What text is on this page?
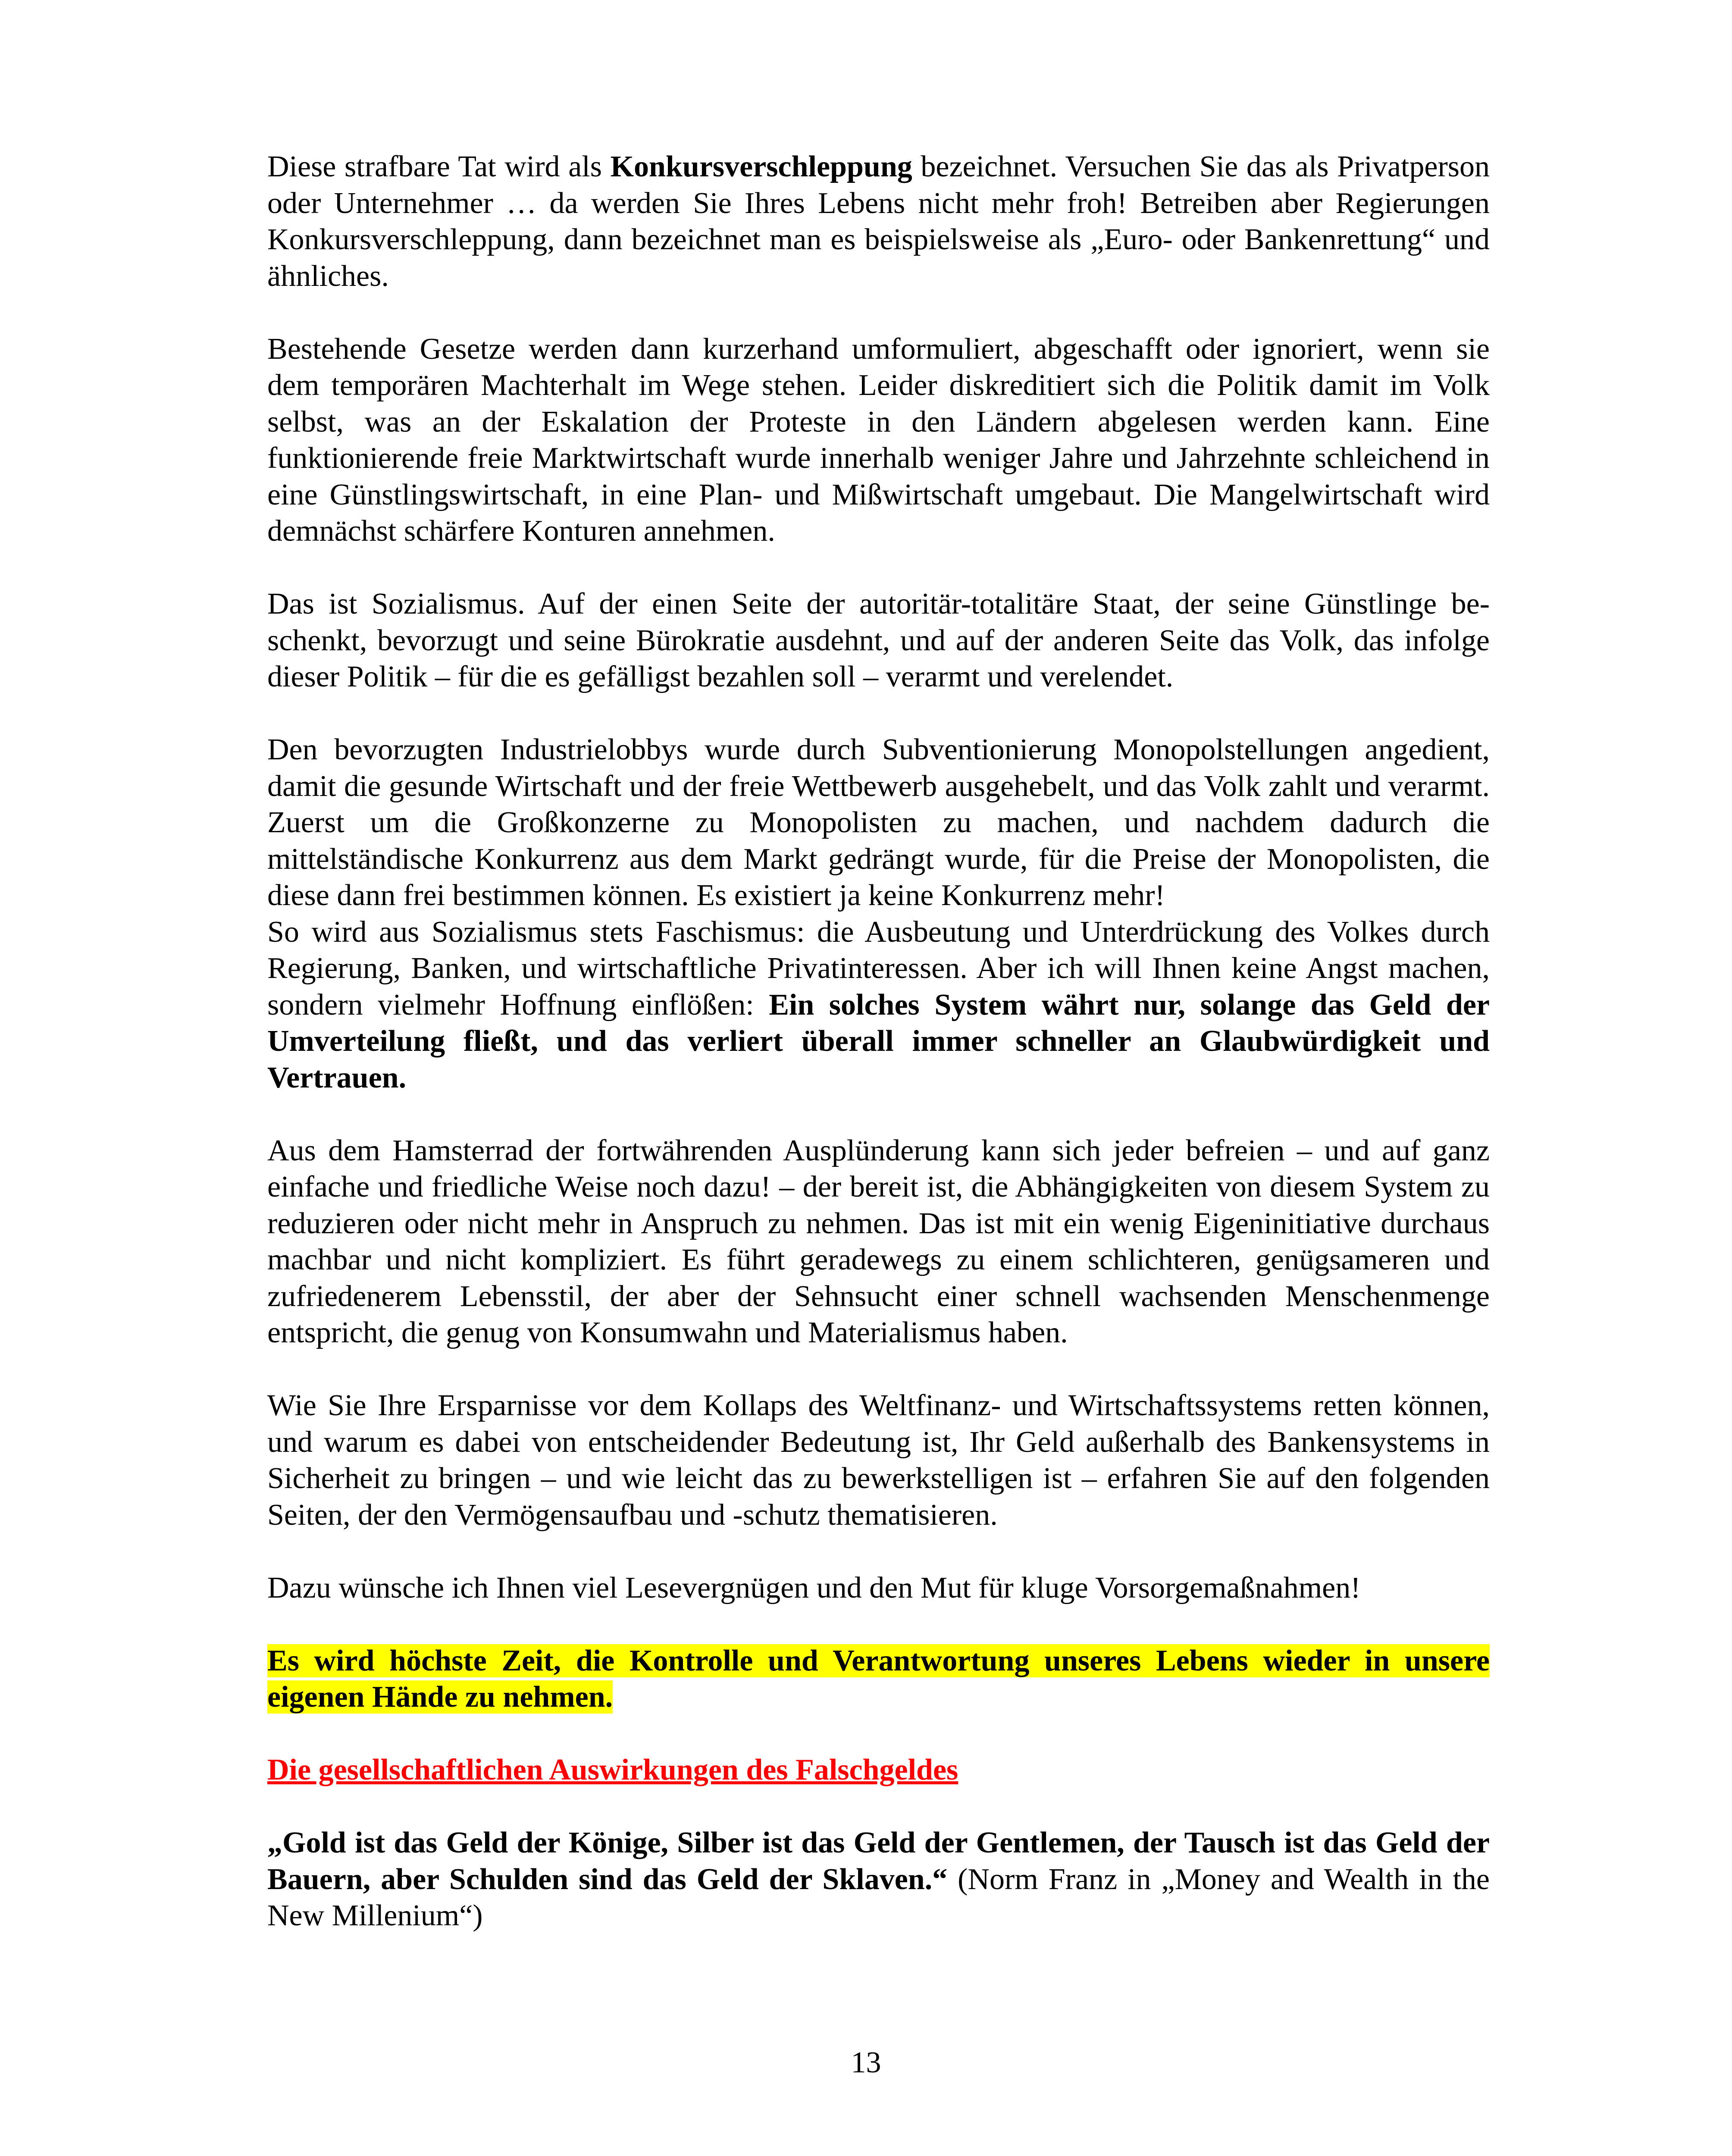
Diese strafbare Tat wird als Konkursverschleppung bezeichnet. Versuchen Sie das als Privatperson oder Unternehmer … da werden Sie Ihres Lebens nicht mehr froh! Betreiben aber Regierungen Konkursverschleppung, dann bezeichnet man es beispielsweise als „Euro- oder Bankenrettung“ und ähnliches.

Bestehende Gesetze werden dann kurzerhand umformuliert, abgeschafft oder ignoriert, wenn sie dem temporären Machterhalt im Wege stehen. Leider diskreditiert sich die Politik damit im Volk selbst, was an der Eskalation der Proteste in den Ländern abgelesen werden kann. Eine funktionierende freie Marktwirtschaft wurde innerhalb weniger Jahre und Jahrzehnte schleichend in eine Günstlingswirtschaft, in eine Plan- und Mißwirtschaft umgebaut. Die Mangelwirtschaft wird demnächst schärfere Konturen annehmen.

Das ist Sozialismus. Auf der einen Seite der autoritär-totalitäre Staat, der seine Günstlinge beschenkt, bevorzugt und seine Bürokratie ausdehnt, und auf der anderen Seite das Volk, das infolge dieser Politik – für die es gefälligst bezahlen soll – verarmt und verelendet.

Den bevorzugten Industrielobbys wurde durch Subventionierung Monopolstellungen angedient, damit die gesunde Wirtschaft und der freie Wettbewerb ausgehebelt, und das Volk zahlt und verarmt. Zuerst um die Großkonzerne zu Monopolisten zu machen, und nachdem dadurch die mittelständische Konkurrenz aus dem Markt gedrängt wurde, für die Preise der Monopolisten, die diese dann frei bestimmen können. Es existiert ja keine Konkurrenz mehr!

So wird aus Sozialismus stets Faschismus: die Ausbeutung und Unterdrückung des Volkes durch Regierung, Banken, und wirtschaftliche Privatinteressen. Aber ich will Ihnen keine Angst machen, sondern vielmehr Hoffnung einflößen: Ein solches System währt nur, solange das Geld der Umverteilung fließt, und das verliert überall immer schneller an Glaubwürdigkeit und Vertrauen.

Aus dem Hamsterrad der fortwährenden Ausplünderung kann sich jeder befreien – und auf ganz einfache und friedliche Weise noch dazu! – der bereit ist, die Abhängigkeiten von diesem System zu reduzieren oder nicht mehr in Anspruch zu nehmen. Das ist mit ein wenig Eigeninitiative durchaus machbar und nicht kompliziert. Es führt geradewegs zu einem schlichteren, genügsameren und zufriedenerem Lebensstil, der aber der Sehnsucht einer schnell wachsenden Menschenmenge entspricht, die genug von Konsumwahn und Materialismus haben.

Wie Sie Ihre Ersparnisse vor dem Kollaps des Weltfinanz- und Wirtschaftssystems retten können, und warum es dabei von entscheidender Bedeutung ist, Ihr Geld außerhalb des Bankensystems in Sicherheit zu bringen – und wie leicht das zu bewerkstelligen ist – erfahren Sie auf den folgenden Seiten, der den Vermögensaufbau und -schutz thematisieren.

Dazu wünsche ich Ihnen viel Lesevergnügen und den Mut für kluge Vorsorgemaßnahmen!

Es wird höchste Zeit, die Kontrolle und Verantwortung unseres Lebens wieder in unsere eigenen Hände zu nehmen.

Die gesellschaftlichen Auswirkungen des Falschgeldes

„Gold ist das Geld der Könige, Silber ist das Geld der Gentlemen, der Tausch ist das Geld der Bauern, aber Schulden sind das Geld der Sklaven.“ (Norm Franz in „Money and Wealth in the New Millenium“)

13
